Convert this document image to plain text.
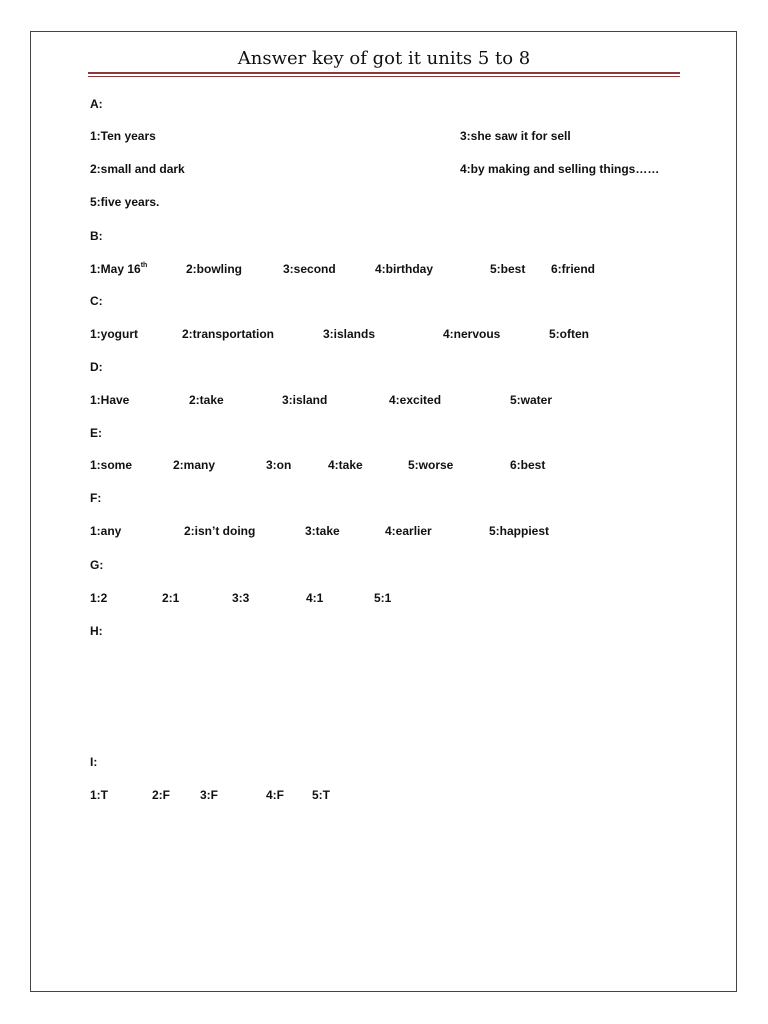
Answer key of got it units 5 to 8
A:
1:Ten years	3:she saw it for sell
2:small and dark	4:by making and selling things……
5:five years.
B:
1:May 16th	2:bowling	3:second	4:birthday	5:best 6:friend
C:
1:yogurt	2:transportation	3:islands	4:nervous	5:often
D:
1:Have	2:take	3:island	4:excited	5:water
E:
1:some	2:many	3:on	4:take	5:worse	6:best
F:
1:any	2:isn’t doing	3:take	4:earlier	5:happiest
G:
1:2	2:1	3:3	4:1	5:1
H:
I:
1:T	2:F	3:F	4:F 5:T
